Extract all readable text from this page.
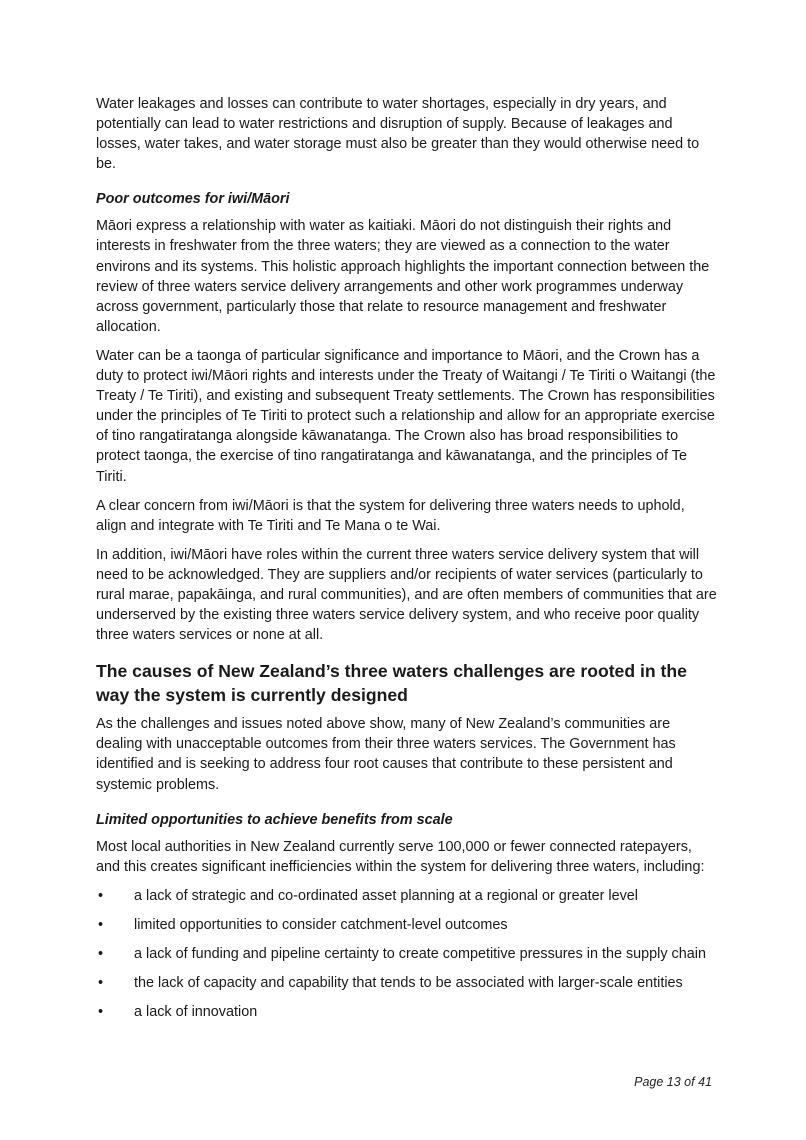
Water leakages and losses can contribute to water shortages, especially in dry years, and potentially can lead to water restrictions and disruption of supply. Because of leakages and losses, water takes, and water storage must also be greater than they would otherwise need to be.

Poor outcomes for iwi/Māori

Māori express a relationship with water as kaitiaki. Māori do not distinguish their rights and interests in freshwater from the three waters; they are viewed as a connection to the water environs and its systems. This holistic approach highlights the important connection between the review of three waters service delivery arrangements and other work programmes underway across government, particularly those that relate to resource management and freshwater allocation.

Water can be a taonga of particular significance and importance to Māori, and the Crown has a duty to protect iwi/Māori rights and interests under the Treaty of Waitangi / Te Tiriti o Waitangi (the Treaty / Te Tiriti), and existing and subsequent Treaty settlements. The Crown has responsibilities under the principles of Te Tiriti to protect such a relationship and allow for an appropriate exercise of tino rangatiratanga alongside kāwanatanga. The Crown also has broad responsibilities to protect taonga, the exercise of tino rangatiratanga and kāwanatanga, and the principles of Te Tiriti.

A clear concern from iwi/Māori is that the system for delivering three waters needs to uphold, align and integrate with Te Tiriti and Te Mana o te Wai.

In addition, iwi/Māori have roles within the current three waters service delivery system that will need to be acknowledged. They are suppliers and/or recipients of water services (particularly to rural marae, papakāinga, and rural communities), and are often members of communities that are underserved by the existing three waters service delivery system, and who receive poor quality three waters services or none at all.

The causes of New Zealand’s three waters challenges are rooted in the way the system is currently designed

As the challenges and issues noted above show, many of New Zealand’s communities are dealing with unacceptable outcomes from their three waters services. The Government has identified and is seeking to address four root causes that contribute to these persistent and systemic problems.

Limited opportunities to achieve benefits from scale

Most local authorities in New Zealand currently serve 100,000 or fewer connected ratepayers, and this creates significant inefficiencies within the system for delivering three waters, including:

• a lack of strategic and co-ordinated asset planning at a regional or greater level
• limited opportunities to consider catchment-level outcomes
• a lack of funding and pipeline certainty to create competitive pressures in the supply chain
• the lack of capacity and capability that tends to be associated with larger-scale entities
• a lack of innovation
Page 13 of 41
